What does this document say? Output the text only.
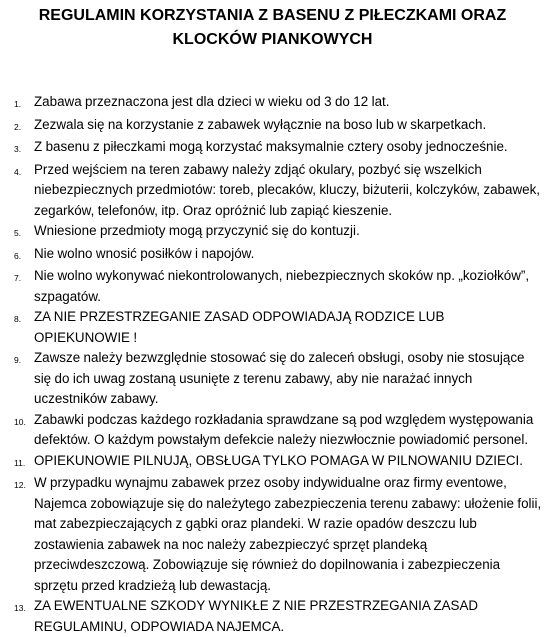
REGULAMIN KORZYSTANIA Z BASENU Z PIŁECZKAMI ORAZ
KLOCKÓW PIANKOWYCH
1. Zabawa przeznaczona jest dla dzieci w wieku od 3 do 12 lat.
2. Zezwala się na korzystanie z zabawek wyłącznie na boso lub w skarpetkach.
3. Z basenu z piłeczkami mogą korzystać maksymalnie cztery osoby jednocześnie.
4. Przed wejściem na teren zabawy należy zdjąć okulary, pozbyć się wszelkich niebezpiecznych przedmiotów: toreb, plecaków, kluczy, biżuterii, kolczyków, zabawek, zegarków, telefonów, itp. Oraz opróżnić lub zapiąć kieszenie.
5. Wniesione przedmioty mogą przyczynić się do kontuzji.
6. Nie wolno wnosić posiłków i napojów.
7. Nie wolno wykonywać niekontrolowanych, niebezpiecznych skoków np. „koziołków”, szpagatów.
8. ZA NIE PRZESTRZEGANIE ZASAD ODPOWIADAJĄ RODZICE LUB OPIEKUNOWIE !
9. Zawsze należy bezwzględnie stosować się do zaleceń obsługi, osoby nie stosujące się do ich uwag zostaną usunięte z terenu zabawy, aby nie narażać innych uczestników zabawy.
10. Zabawki podczas każdego rozkładania sprawdzane są pod względem występowania defektów. O każdym powstałym defekcie należy niezwłocznie powiadomić personel.
11. OPIEKUNOWIE PILNUJĄ, OBSŁUGA TYLKO POMAGA W PILNOWANIU DZIECI.
12. W przypadku wynajmu zabawek przez osoby indywidualne oraz firmy eventowe, Najemca zobowiązuje się do należytego zabezpieczenia terenu zabawy: ułożenie folii, mat zabezpieczających z gąbki oraz plandeki. W razie opadów deszczu lub zostawienia zabawek na noc należy zabezpieczyć sprzęt plandeką przeciwdeszczową. Zobowiązuje się również do dopilnowania i zabezpieczenia sprzętu przed kradzieżą lub dewastacją.
13. ZA EWENTUALNE SZKODY WYNIKŁE Z NIE PRZESTRZEGANIA ZASAD REGULAMINU, ODPOWIADA NAJEMCA.
